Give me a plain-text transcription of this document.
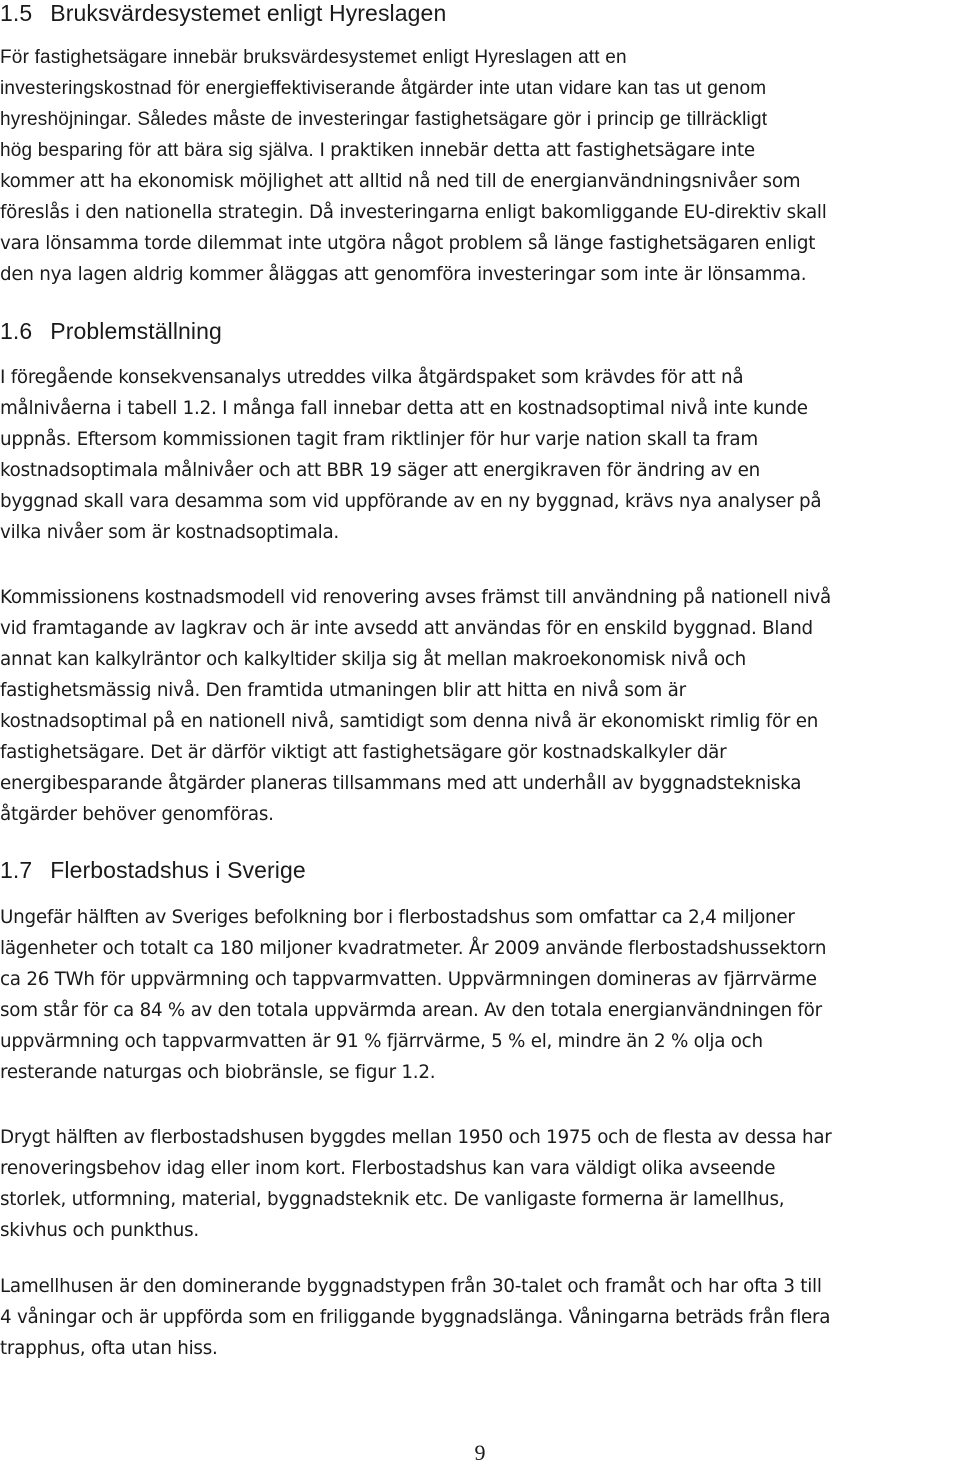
1.5 Bruksvärdesystemet enligt Hyreslagen
För fastighetsägare innebär bruksvärdesystemet enligt Hyreslagen att en
investeringskostnad för energieffektiviserande åtgärder inte utan vidare kan tas ut genom
hyreshöjningar. Således måste de investeringar fastighetsägare gör i princip ge tillräckligt
hög besparing för att bära sig själva. I praktiken innebär detta att fastighetsägare inte
kommer att ha ekonomisk möjlighet att alltid nå ned till de energianvändningsnivåer som
föreslås i den nationella strategin. Då investeringarna enligt bakomliggande EU-direktiv skall
vara lönsamma torde dilemmat inte utgöra något problem så länge fastighetsägaren enligt
den nya lagen aldrig kommer åläggas att genomföra investeringar som inte är lönsamma.
1.6 Problemställning
I föregående konsekvensanalys utreddes vilka åtgärdspaket som krävdes för att nå
målnivåerna i tabell 1.2. I många fall innebar detta att en kostnadsoptimal nivå inte kunde
uppnås. Eftersom kommissionen tagit fram riktlinjer för hur varje nation skall ta fram
kostnadsoptimala målnivåer och att BBR 19 säger att energikraven för ändring av en
byggnad skall vara desamma som vid uppförande av en ny byggnad, krävs nya analyser på
vilka nivåer som är kostnadsoptimala.
Kommissionens kostnadsmodell vid renovering avses främst till användning på nationell nivå
vid framtagande av lagkrav och är inte avsedd att användas för en enskild byggnad. Bland
annat kan kalkylräntor och kalkyltider skilja sig åt mellan makroekonomisk nivå och
fastighetsmässig nivå. Den framtida utmaningen blir att hitta en nivå som är
kostnadsoptimal på en nationell nivå, samtidigt som denna nivå är ekonomiskt rimlig för en
fastighetsägare. Det är därför viktigt att fastighetsägare gör kostnadskalkyler där
energibesparande åtgärder planeras tillsammans med att underhåll av byggnadstekniska
åtgärder behöver genomföras.
1.7 Flerbostadshus i Sverige
Ungefär hälften av Sveriges befolkning bor i flerbostadshus som omfattar ca 2,4 miljoner
lägenheter och totalt ca 180 miljoner kvadratmeter. År 2009 använde flerbostadshussektorn
ca 26 TWh för uppvärmning och tappvarmvatten. Uppvärmningen domineras av fjärrvärme
som står för ca 84 % av den totala uppvärmda arean. Av den totala energianvändningen för
uppvärmning och tappvarmvatten är 91 % fjärrvärme, 5 % el, mindre än 2 % olja och
resterande naturgas och biobränsle, se figur 1.2.
Drygt hälften av flerbostadshusen byggdes mellan 1950 och 1975 och de flesta av dessa har
renoveringsbehov idag eller inom kort. Flerbostadshus kan vara väldigt olika avseende
storlek, utformning, material, byggnadsteknik etc. De vanligaste formerna är lamellhus,
skivhus och punkthus.
Lamellhusen är den dominerande byggnadstypen från 30-talet och framåt och har ofta 3 till
4 våningar och är uppförda som en friliggande byggnadslänga. Våningarna beträds från flera
trapphus, ofta utan hiss.
9
